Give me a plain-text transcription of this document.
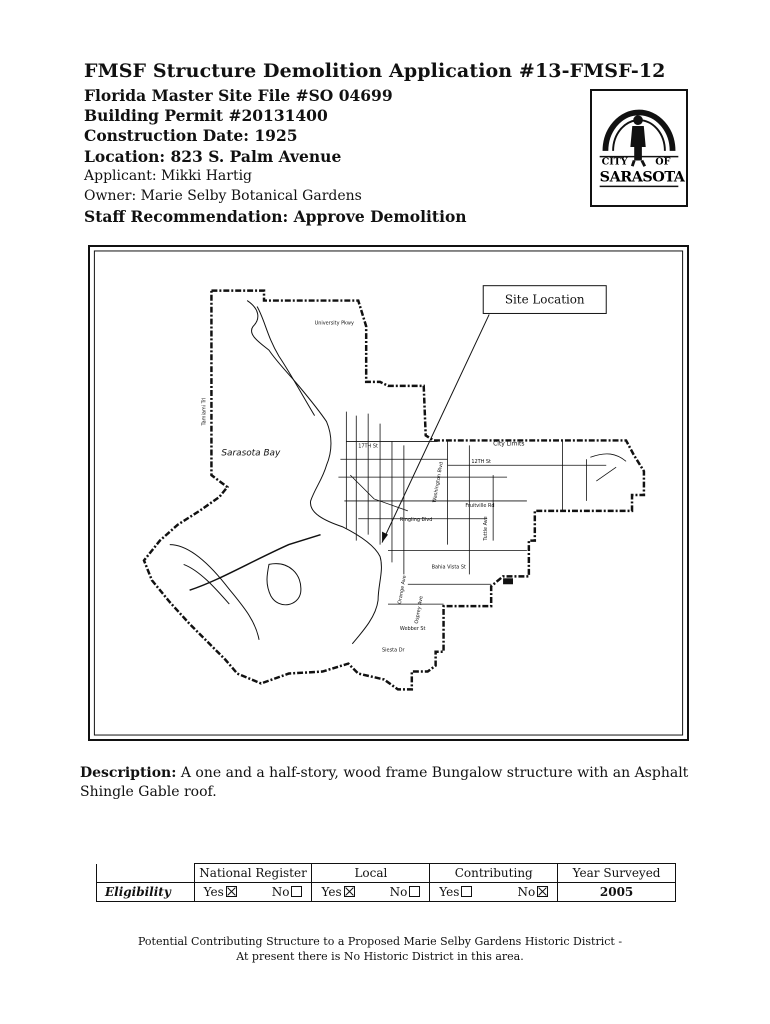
FMSF Structure Demolition Application #13-FMSF-12
Florida Master Site File #SO 04699
Building Permit #20131400
Construction Date: 1925
Location: 823 S. Palm Avenue
Applicant: Mikki Hartig
Owner: Marie Selby Botanical Gardens
Staff Recommendation: Approve Demolition
CITY	OF
SARASOTA
Sarasota Bay
University Pkwy
17TH St
12TH St
Fruitville Rd
Ringling Blvd
Bahia Vista St
Webber St
Siesta Dr
City Limits
Tamiami Trl
Orange Ave
Tuttle Ave
Osprey Ave
Washington Blvd
Site Location
Description: A one and a half-story, wood frame Bungalow structure with an Asphalt Shingle Gable roof.
	National Register	Local	Contributing	Year Surveyed
Eligibility	Yes No	Yes No	Yes No	2005
Potential Contributing Structure to a Proposed Marie Selby Gardens Historic District -
At present there is No Historic District in this area.
